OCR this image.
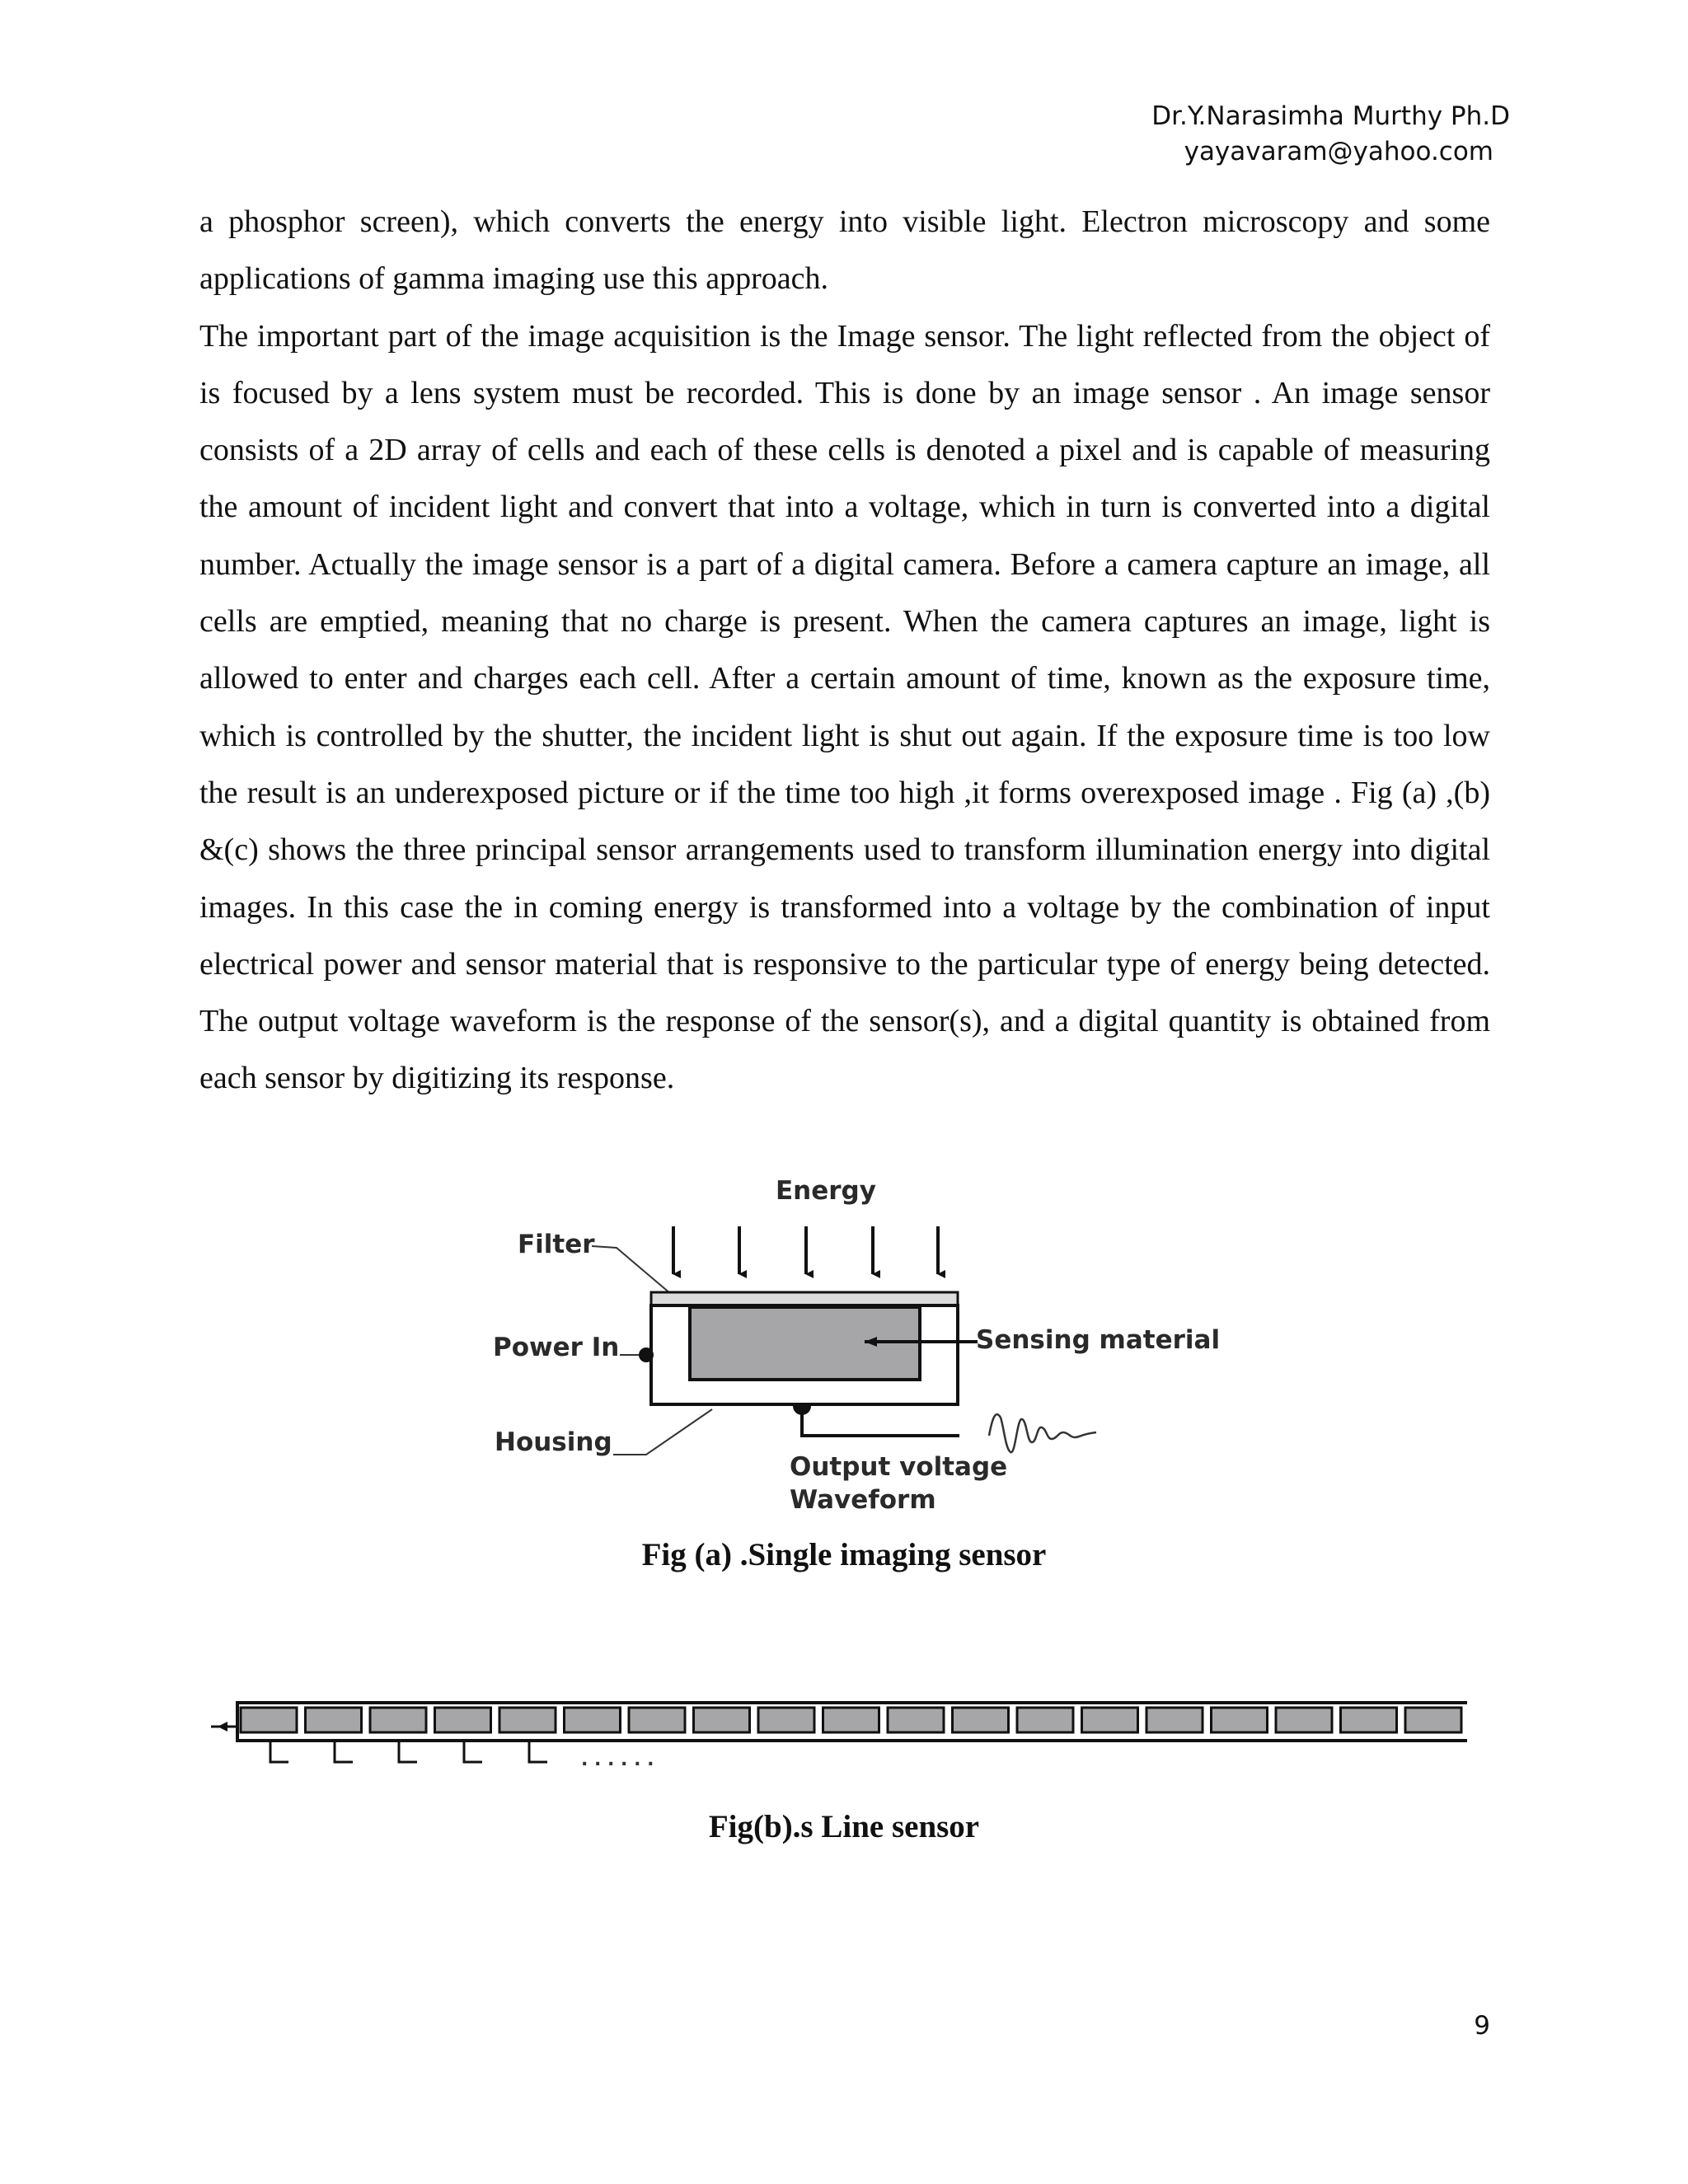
Dr.Y.Narasimha Murthy Ph.D
yayavaram@yahoo.com

a phosphor screen), which converts the energy into visible light. Electron microscopy and some applications of gamma imaging use this approach.

The important part of the image acquisition is the Image sensor. The light reflected from the object of is focused by a lens system must be recorded. This is done by an image sensor . An image sensor consists of a 2D array of cells and each of these cells is denoted a pixel and is capable of measuring the amount of incident light and convert that into a voltage, which in turn is converted into a digital number. Actually the image sensor is a part of a digital camera. Before a camera capture an image, all cells are emptied, meaning that no charge is present. When the camera captures an image, light is allowed to enter and charges each cell. After a certain amount of time, known as the exposure time, which is controlled by the shutter, the incident light is shut out again. If the exposure time is too low the result is an underexposed picture or if the time too high ,it forms overexposed image . Fig (a) ,(b) &(c) shows the three principal sensor arrangements used to transform illumination energy into digital images. In this case the in coming energy is transformed into a voltage by the combination of input electrical power and sensor material that is responsive to the particular type of energy being detected. The output voltage waveform is the response of the sensor(s), and a digital quantity is obtained from each sensor by digitizing its response.

Energy
Filter
Sensing material
Power In
Housing
Output voltage
Waveform
Fig (a) .Single imaging sensor
. . . . . .
Fig(b).s Line sensor
9
